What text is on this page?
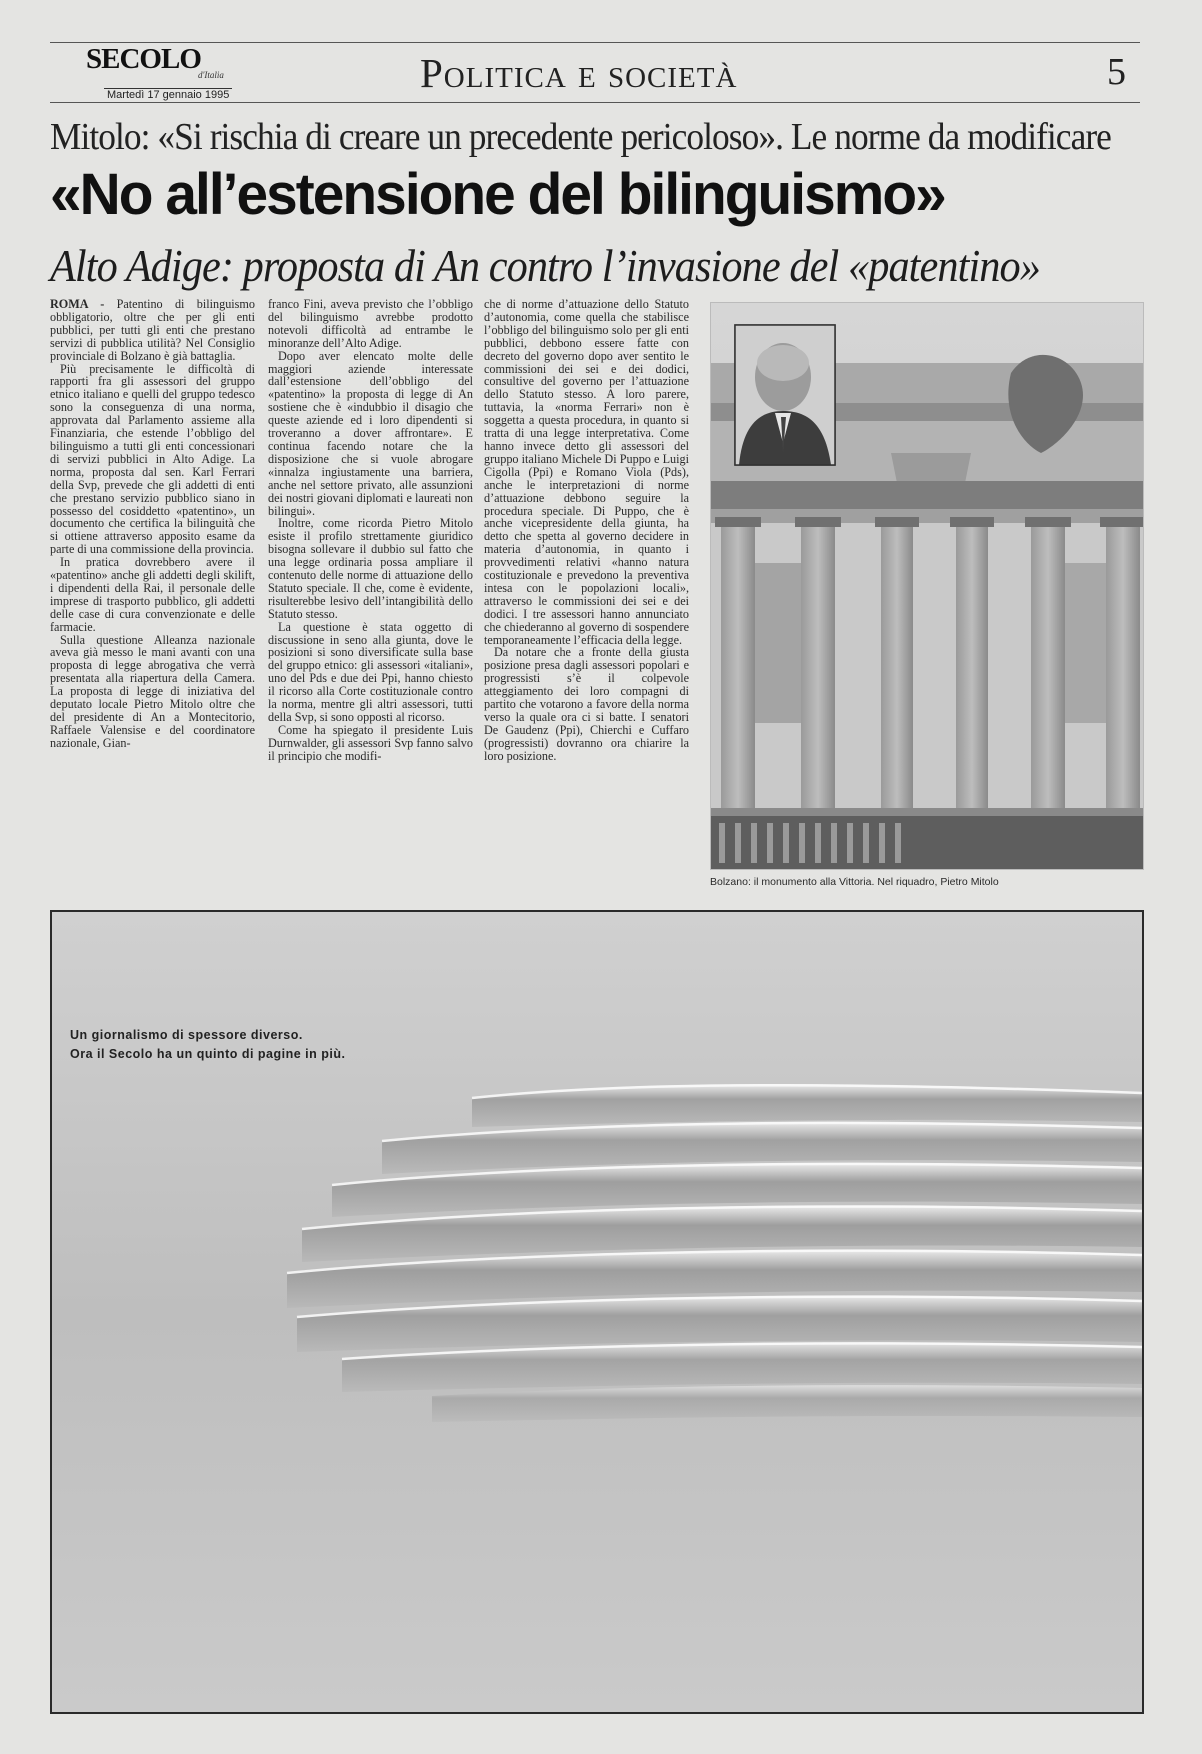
SECOLO
d'Italia
Martedì 17 gennaio 1995	Politica e società	5
Mitolo: «Si rischia di creare un precedente pericoloso». Le norme da modificare
«No all’estensione del bilinguismo»
Alto Adige: proposta di An contro l’invasione del «patentino»

ROMA - Patentino di bilinguismo obbligatorio, oltre che per gli enti pubblici, per tutti gli enti che prestano servizi di pubblica utilità? Nel Consiglio provinciale di Bolzano è già battaglia.

Più precisamente le difficoltà di rapporti fra gli assessori del gruppo etnico italiano e quelli del gruppo tedesco sono la conseguenza di una norma, approvata dal Parlamento assieme alla Finanziaria, che estende l’obbligo del bilinguismo a tutti gli enti concessionari di servizi pubblici in Alto Adige. La norma, proposta dal sen. Karl Ferrari della Svp, prevede che gli addetti di enti che prestano servizio pubblico siano in possesso del cosiddetto «patentino», un documento che certifica la bilinguità che si ottiene attraverso apposito esame da parte di una commissione della provincia.

In pratica dovrebbero avere il «patentino» anche gli addetti degli skilift, i dipendenti della Rai, il personale delle imprese di trasporto pubblico, gli addetti delle case di cura convenzionate e delle farmacie.

Sulla questione Alleanza nazionale aveva già messo le mani avanti con una proposta di legge abrogativa che verrà presentata alla riapertura della Camera. La proposta di legge di iniziativa del deputato locale Pietro Mitolo oltre che del presidente di An a Montecitorio, Raffaele Valensise e del coordinatore nazionale, Gian-

franco Fini, aveva previsto che l’obbligo del bilinguismo avrebbe prodotto notevoli difficoltà ad entrambe le minoranze dell’Alto Adige.

Dopo aver elencato molte delle maggiori aziende interessate dall’estensione dell’obbligo del «patentino» la proposta di legge di An sostiene che è «indubbio il disagio che queste aziende ed i loro dipendenti si troveranno a dover affrontare». E continua facendo notare che la disposizione che si vuole abrogare «innalza ingiustamente una barriera, anche nel settore privato, alle assunzioni dei nostri giovani diplomati e laureati non bilingui».

Inoltre, come ricorda Pietro Mitolo esiste il profilo strettamente giuridico bisogna sollevare il dubbio sul fatto che una legge ordinaria possa ampliare il contenuto delle norme di attuazione dello Statuto speciale. Il che, come è evidente, risulterebbe lesivo dell’intangibilità dello Statuto stesso.

La questione è stata oggetto di discussione in seno alla giunta, dove le posizioni si sono diversificate sulla base del gruppo etnico: gli assessori «italiani», uno del Pds e due dei Ppi, hanno chiesto il ricorso alla Corte costituzionale contro la norma, mentre gli altri assessori, tutti della Svp, si sono opposti al ricorso.

Come ha spiegato il presidente Luis Durnwalder, gli assessori Svp fanno salvo il principio che modifi-

che di norme d’attuazione dello Statuto d’autonomia, come quella che stabilisce l’obbligo del bilinguismo solo per gli enti pubblici, debbono essere fatte con decreto del governo dopo aver sentito le commissioni dei sei e dei dodici, consultive del governo per l’attuazione dello Statuto stesso. A loro parere, tuttavia, la «norma Ferrari» non è soggetta a questa procedura, in quanto si tratta di una legge interpretativa. Come hanno invece detto gli assessori del gruppo italiano Michele Di Puppo e Luigi Cigolla (Ppi) e Romano Viola (Pds), anche le interpretazioni di norme d’attuazione debbono seguire la procedura speciale. Di Puppo, che è anche vicepresidente della giunta, ha detto che spetta al governo decidere in materia d’autonomia, in quanto i provvedimenti relativi «hanno natura costituzionale e prevedono la preventiva intesa con le popolazioni locali», attraverso le commissioni dei sei e dei dodici. I tre assessori hanno annunciato che chiederanno al governo di sospendere temporaneamente l’efficacia della legge.

Da notare che a fronte della giusta posizione presa dagli assessori popolari e progressisti s’è il colpevole atteggiamento dei loro compagni di partito che votarono a favore della norma verso la quale ora ci si batte. I senatori De Gaudenz (Ppi), Chierchi e Cuffaro (progressisti) dovranno ora chiarire la loro posizione.

Bolzano: il monumento alla Vittoria. Nel riquadro, Pietro Mitolo
Un giornalismo di spessore diverso.
Ora il Secolo ha un quinto di pagine in più.
